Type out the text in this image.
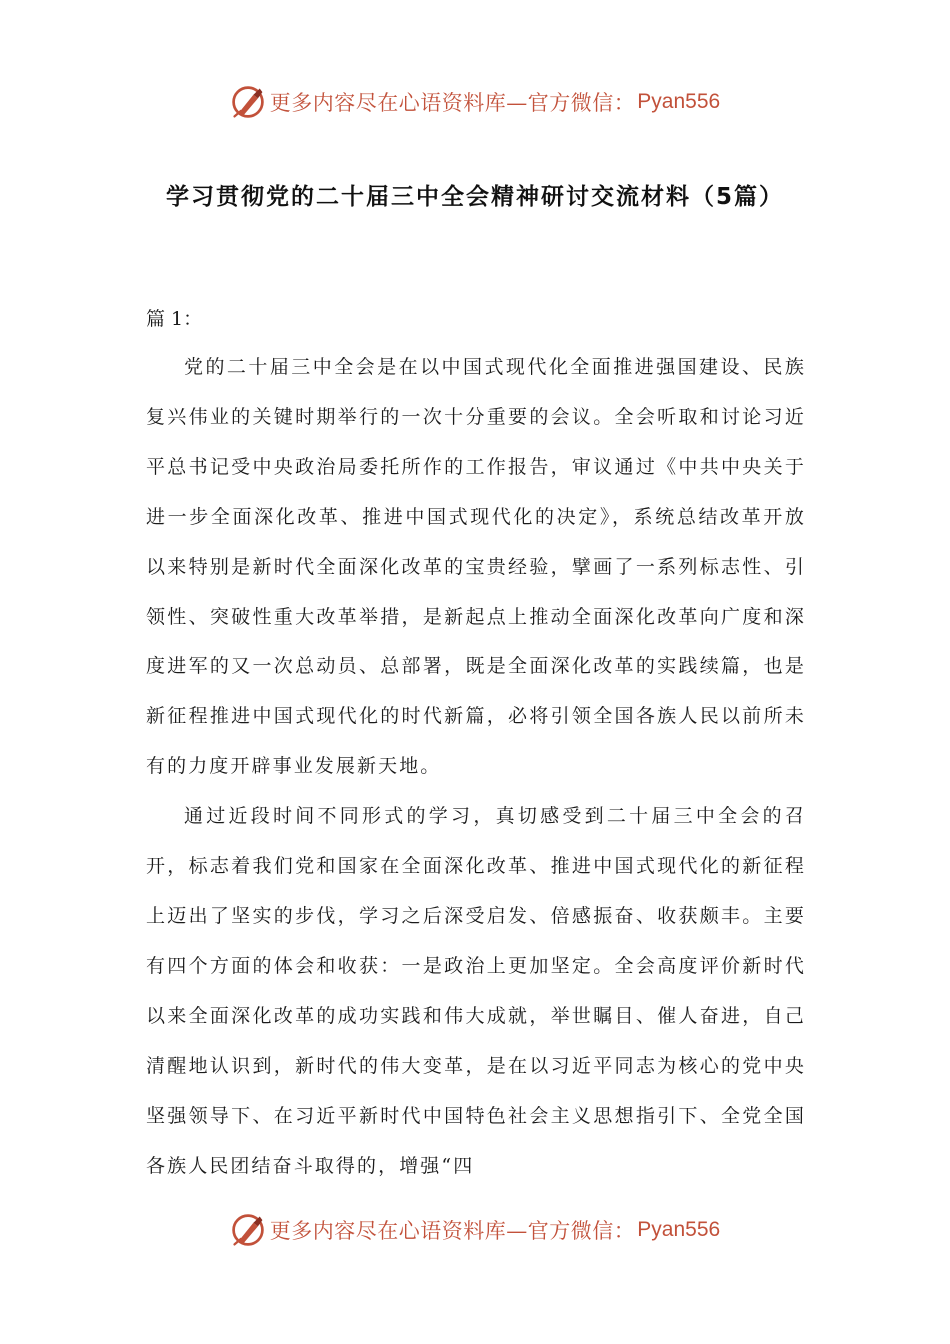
更多内容尽在心语资料库—官方微信： Pyan556
学习贯彻党的二十届三中全会精神研讨交流材料（5篇）
篇 1：

党的二十届三中全会是在以中国式现代化全面推进强国建设、民族复兴伟业的关键时期举行的一次十分重要的会议。全会听取和讨论习近平总书记受中央政治局委托所作的工作报告，审议通过《中共中央关于进一步全面深化改革、推进中国式现代化的决定》，系统总结改革开放以来特别是新时代全面深化改革的宝贵经验，擘画了一系列标志性、引领性、突破性重大改革举措，是新起点上推动全面深化改革向广度和深度进军的又一次总动员、总部署，既是全面深化改革的实践续篇，也是新征程推进中国式现代化的时代新篇，必将引领全国各族人民以前所未有的力度开辟事业发展新天地。

通过近段时间不同形式的学习，真切感受到二十届三中全会的召开，标志着我们党和国家在全面深化改革、推进中国式现代化的新征程上迈出了坚实的步伐，学习之后深受启发、倍感振奋、收获颇丰。主要有四个方面的体会和收获：一是政治上更加坚定。全会高度评价新时代以来全面深化改革的成功实践和伟大成就，举世瞩目、催人奋进，自己清醒地认识到，新时代的伟大变革，是在以习近平同志为核心的党中央坚强领导下、在习近平新时代中国特色社会主义思想指引下、全党全国各族人民团结奋斗取得的，增强“四

更多内容尽在心语资料库—官方微信： Pyan556
